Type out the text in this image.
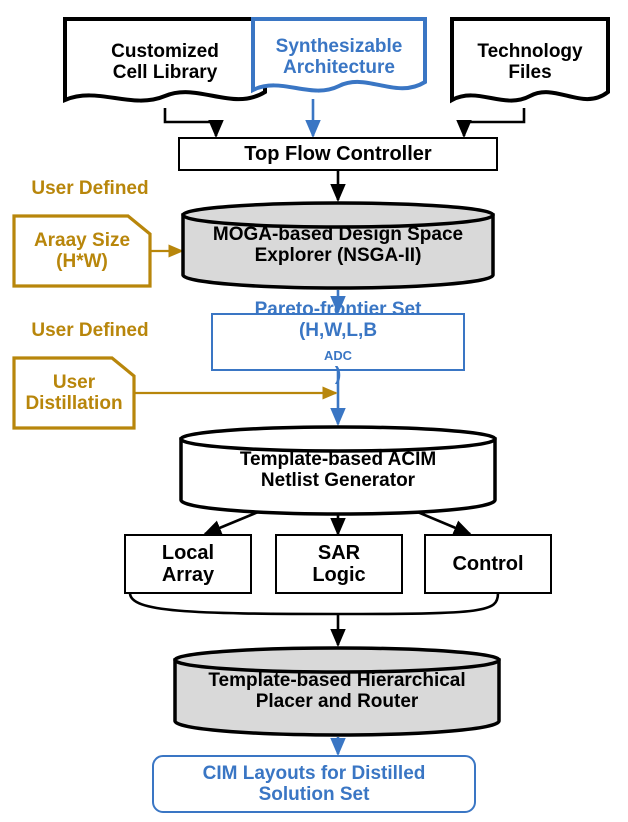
Customized
Cell Library
Synthesizable
Architecture
Technology
Files
Top Flow Controller
MOGA-based Design Space
Explorer (NSGA-II)
Pareto-frontier Set
(H,W,L,B
$_{ADC}$
)
User Defined
Araay Size
(H*W)
User Defined
User
Distillation
Template-based ACIM
Netlist Generator
Local
Array
SAR
Logic
Control
Template-based Hierarchical
Placer and Router
CIM Layouts for Distilled
Solution Set
